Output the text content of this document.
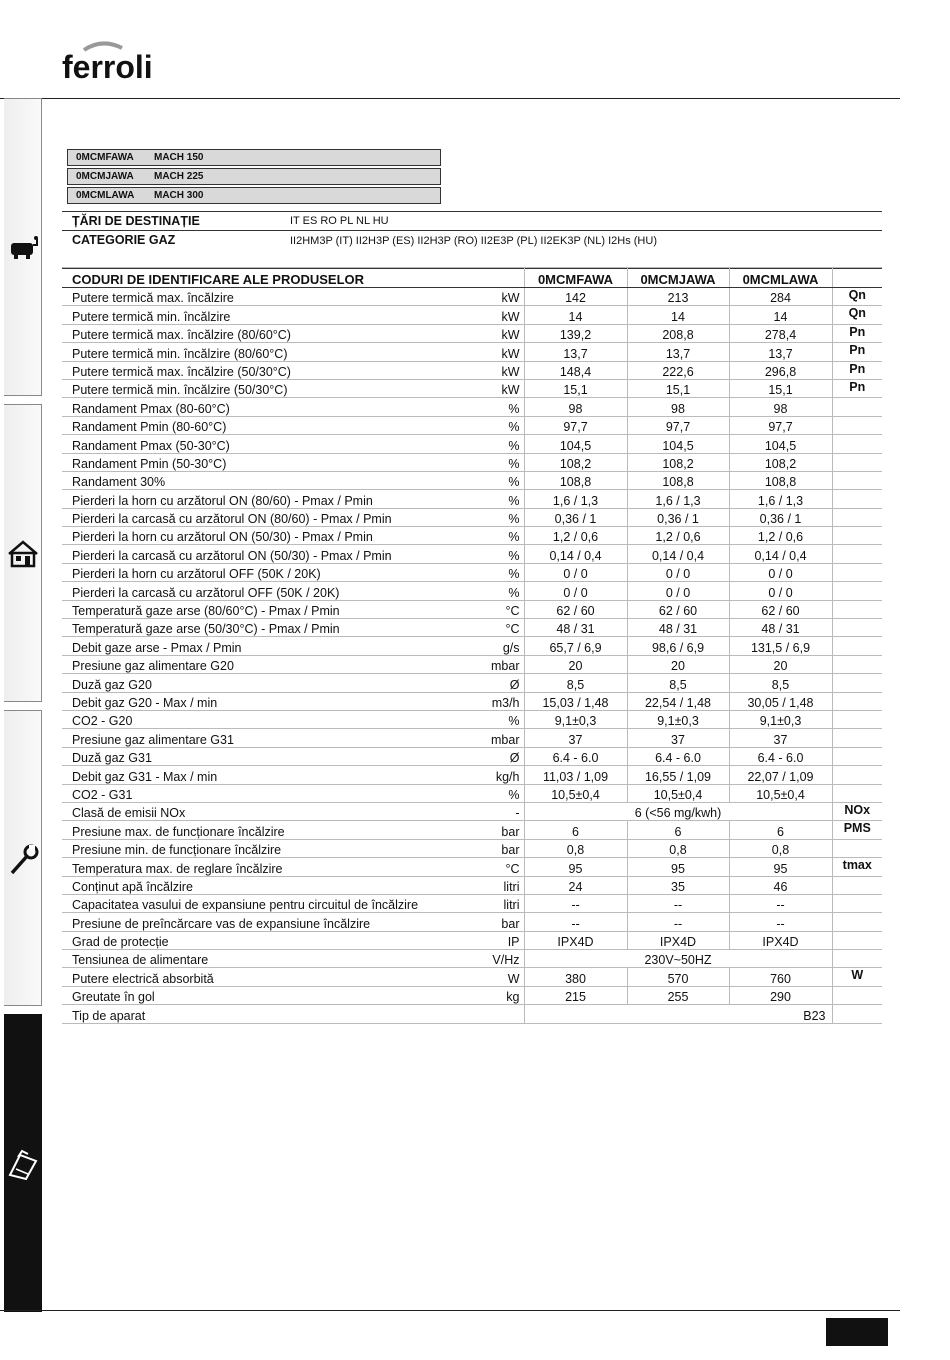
ferroli
0MCMFAWA MACH 150
0MCMJAWA MACH 225
0MCMLAWA MACH 300
ȚĂRI DE DESTINAȚIE	IT ES RO PL NL HU
CATEGORIE GAZ	II2HM3P (IT) II2H3P (ES) II2H3P (RO) II2E3P (PL) II2EK3P (NL) I2Hs (HU)
CODURI DE IDENTIFICARE ALE PRODUSELOR		0MCMFAWA	0MCMJAWA	0MCMLAWA	
Putere termică max. încălzire	kW	142	213	284	Qn
Putere termică min. încălzire	kW	14	14	14	Qn
Putere termică max. încălzire (80/60°C)	kW	139,2	208,8	278,4	Pn
Putere termică min. încălzire (80/60°C)	kW	13,7	13,7	13,7	Pn
Putere termică max. încălzire (50/30°C)	kW	148,4	222,6	296,8	Pn
Putere termică min. încălzire (50/30°C)	kW	15,1	15,1	15,1	Pn
Randament Pmax (80-60°C)	%	98	98	98	
Randament Pmin (80-60°C)	%	97,7	97,7	97,7	
Randament Pmax (50-30°C)	%	104,5	104,5	104,5	
Randament Pmin (50-30°C)	%	108,2	108,2	108,2	
Randament 30%	%	108,8	108,8	108,8	
Pierderi la horn cu arzătorul ON (80/60) - Pmax / Pmin	%	1,6 / 1,3	1,6 / 1,3	1,6 / 1,3	
Pierderi la carcasă cu arzătorul ON (80/60) - Pmax / Pmin	%	0,36 / 1	0,36 / 1	0,36 / 1	
Pierderi la horn cu arzătorul ON (50/30) - Pmax / Pmin	%	1,2 / 0,6	1,2 / 0,6	1,2 / 0,6	
Pierderi la carcasă cu arzătorul ON (50/30) - Pmax / Pmin	%	0,14 / 0,4	0,14 / 0,4	0,14 / 0,4	
Pierderi la horn cu arzătorul OFF (50K / 20K)	%	0 / 0	0 / 0	0 / 0	
Pierderi la carcasă cu arzătorul OFF (50K / 20K)	%	0 / 0	0 / 0	0 / 0	
Temperatură gaze arse (80/60°C) - Pmax / Pmin	°C	62 / 60	62 / 60	62 / 60	
Temperatură gaze arse (50/30°C) - Pmax / Pmin	°C	48 / 31	48 / 31	48 / 31	
Debit gaze arse - Pmax / Pmin	g/s	65,7 / 6,9	98,6 / 6,9	131,5 / 6,9	
Presiune gaz alimentare G20	mbar	20	20	20	
Duză gaz G20	Ø	8,5	8,5	8,5	
Debit gaz G20 - Max / min	m3/h	15,03 / 1,48	22,54 / 1,48	30,05 / 1,48	
CO2 - G20	%	9,1±0,3	9,1±0,3	9,1±0,3	
Presiune gaz alimentare G31	mbar	37	37	37	
Duză gaz G31	Ø	6.4 - 6.0	6.4 - 6.0	6.4 - 6.0	
Debit gaz G31 - Max / min	kg/h	11,03 / 1,09	16,55 / 1,09	22,07 / 1,09	
CO2 - G31	%	10,5±0,4	10,5±0,4	10,5±0,4	
Clasă de emisii NOx	-	6 (<56 mg/kwh)			NOx
Presiune max. de funcționare încălzire	bar	6	6	6	PMS
Presiune min. de funcționare încălzire	bar	0,8	0,8	0,8	
Temperatura max. de reglare încălzire	°C	95	95	95	tmax
Conținut apă încălzire	litri	24	35	46	
Capacitatea vasului de expansiune pentru circuitul de încălzire	litri	--	--	--	
Presiune de preîncărcare vas de expansiune încălzire	bar	--	--	--	
Grad de protecție	IP	IPX4D	IPX4D	IPX4D	
Tensiunea de alimentare	V/Hz	230V~50HZ			
Putere electrică absorbită	W	380	570	760	W
Greutate în gol	kg	215	255	290	
Tip de aparat		B23			
